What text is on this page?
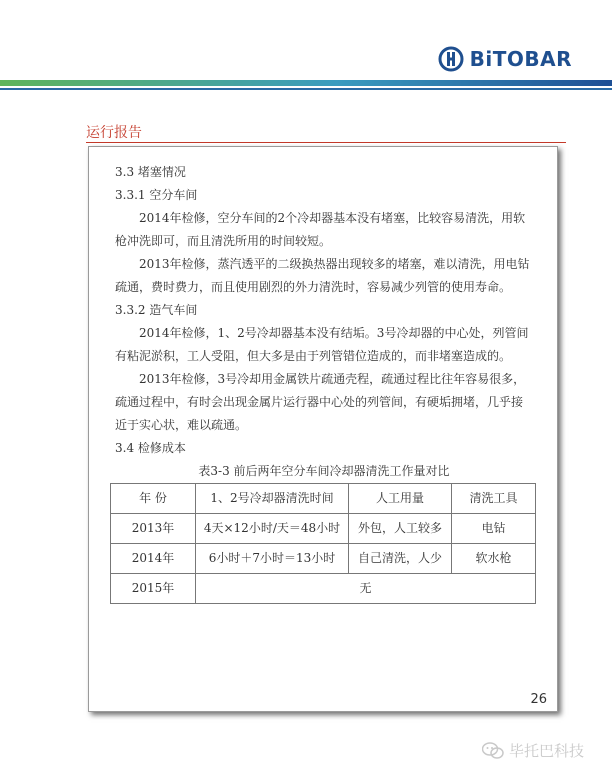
BiTOBAR
运行报告

3.3 堵塞情况

3.3.1 空分车间

2014年检修，空分车间的2个冷却器基本没有堵塞，比较容易清洗，用软枪冲洗即可，而且清洗所用的时间较短。

2013年检修，蒸汽透平的二级换热器出现较多的堵塞，难以清洗，用电钻疏通，费时费力，而且使用剧烈的外力清洗时，容易减少列管的使用寿命。

3.3.2 造气车间

2014年检修，1、2号冷却器基本没有结垢。3号冷却器的中心处，列管间有粘泥淤积，工人受阻，但大多是由于列管错位造成的，而非堵塞造成的。

2013年检修，3号冷却用金属铁片疏通壳程，疏通过程比往年容易很多，疏通过程中，有时会出现金属片运行器中心处的列管间，有硬垢拥堵，几乎接近于实心状，难以疏通。

3.4 检修成本

表3-3 前后两年空分车间冷却器清洗工作量对比

年 份	1、2号冷却器清洗时间	人工用量	清洗工具
2013年	4天×12小时/天＝48小时	外包，人工较多	电钻
2014年	6小时＋7小时＝13小时	自己清洗，人少	软水枪
2015年	无		
26
毕托巴科技
